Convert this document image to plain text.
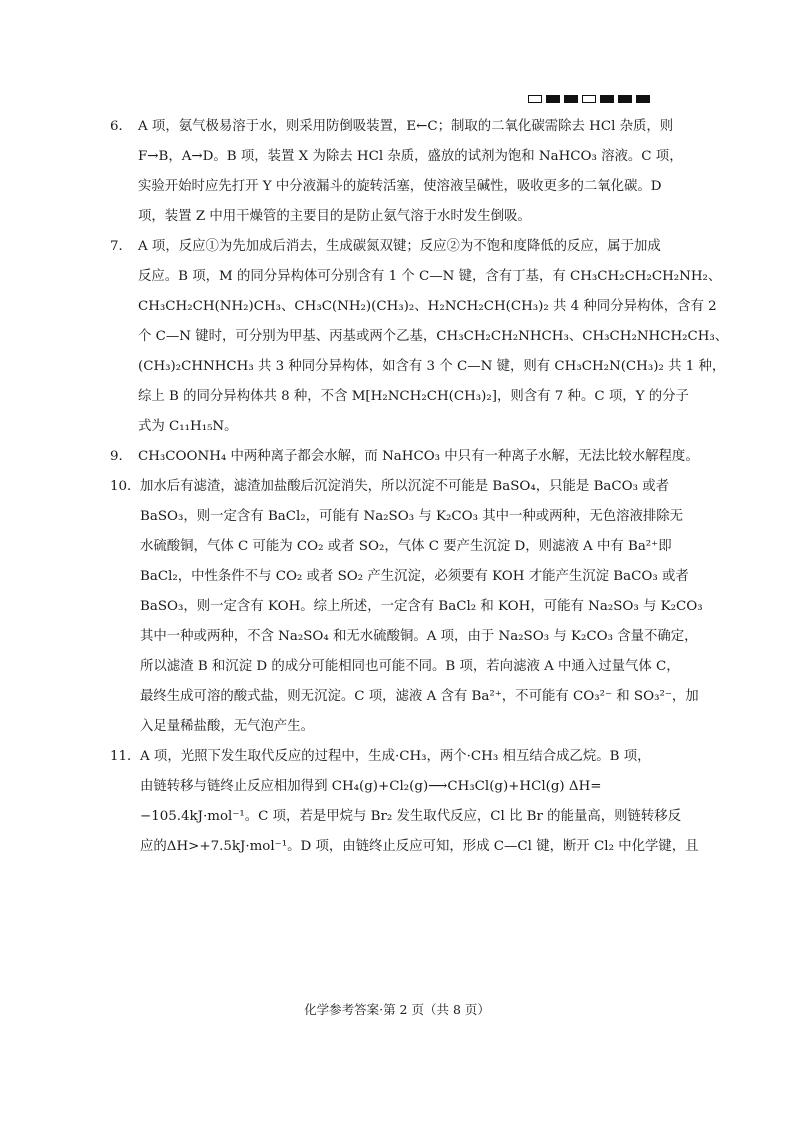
6． A 项，氨气极易溶于水，则采用防倒吸装置，E←C；制取的二氧化碳需除去 HCl 杂质，则
F→B，A→D。B 项，装置 X 为除去 HCl 杂质，盛放的试剂为饱和 NaHCO₃ 溶液。C 项，
实验开始时应先打开 Y 中分液漏斗的旋转活塞，使溶液呈碱性，吸收更多的二氧化碳。D
项，装置 Z 中用干燥管的主要目的是防止氨气溶于水时发生倒吸。
7． A 项，反应①为先加成后消去，生成碳氮双键；反应②为不饱和度降低的反应，属于加成
反应。B 项，M 的同分异构体可分别含有 1 个 C—N 键，含有丁基，有 CH₃CH₂CH₂CH₂NH₂、
CH₃CH₂CH(NH₂)CH₃、CH₃C(NH₂)(CH₃)₂、H₂NCH₂CH(CH₃)₂ 共 4 种同分异构体，含有 2
个 C—N 键时，可分别为甲基、丙基或两个乙基，CH₃CH₂CH₂NHCH₃、CH₃CH₂NHCH₂CH₃、
(CH₃)₂CHNHCH₃ 共 3 种同分异构体，如含有 3 个 C—N 键，则有 CH₃CH₂N(CH₃)₂ 共 1 种，
综上 B 的同分异构体共 8 种，不含 M[H₂NCH₂CH(CH₃)₂]，则含有 7 种。C 项，Y 的分子
式为 C₁₁H₁₅N。
9． CH₃COONH₄ 中两种离子都会水解，而 NaHCO₃ 中只有一种离子水解，无法比较水解程度。
10． 加水后有滤渣，滤渣加盐酸后沉淀消失，所以沉淀不可能是 BaSO₄，只能是 BaCO₃ 或者
BaSO₃，则一定含有 BaCl₂，可能有 Na₂SO₃ 与 K₂CO₃ 其中一种或两种，无色溶液排除无
水硫酸铜，气体 C 可能为 CO₂ 或者 SO₂，气体 C 要产生沉淀 D，则滤液 A 中有 Ba²⁺即
BaCl₂，中性条件不与 CO₂ 或者 SO₂ 产生沉淀，必须要有 KOH 才能产生沉淀 BaCO₃ 或者
BaSO₃，则一定含有 KOH。综上所述，一定含有 BaCl₂ 和 KOH，可能有 Na₂SO₃ 与 K₂CO₃
其中一种或两种，不含 Na₂SO₄ 和无水硫酸铜。A 项，由于 Na₂SO₃ 与 K₂CO₃ 含量不确定，
所以滤渣 B 和沉淀 D 的成分可能相同也可能不同。B 项，若向滤液 A 中通入过量气体 C，
最终生成可溶的酸式盐，则无沉淀。C 项，滤液 A 含有 Ba²⁺，不可能有 CO₃²⁻ 和 SO₃²⁻，加
入足量稀盐酸，无气泡产生。
11． A 项，光照下发生取代反应的过程中，生成·CH₃，两个·CH₃ 相互结合成乙烷。B 项，
由链转移与链终止反应相加得到 CH₄(g)+Cl₂(g)⟶CH₃Cl(g)+HCl(g) ΔH=
−105.4kJ·mol⁻¹。C 项，若是甲烷与 Br₂ 发生取代反应，Cl 比 Br 的能量高，则链转移反
应的ΔH>+7.5kJ·mol⁻¹。D 项，由链终止反应可知，形成 C—Cl 键，断开 Cl₂ 中化学键，且
化学参考答案·第 2 页（共 8 页）
